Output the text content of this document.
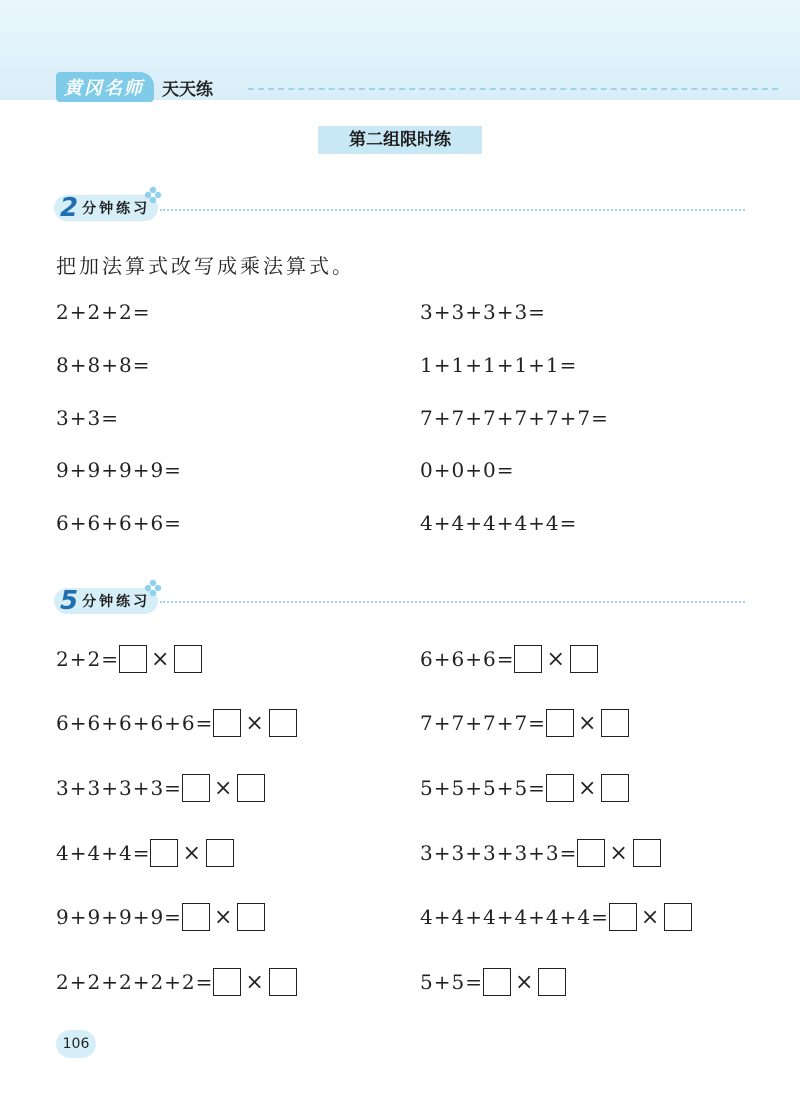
黄冈名师	天天练
第二组限时练
2 分钟练习
把加法算式改写成乘法算式。
2+2+2=
8+8+8=
3+3=
9+9+9+9=
6+6+6+6=
3+3+3+3=
1+1+1+1+1=
7+7+7+7+7+7=
0+0+0=
4+4+4+4+4=
5 分钟练习
2+2= ×
6+6+6+6+6= ×
3+3+3+3= ×
4+4+4= ×
9+9+9+9= ×
2+2+2+2+2= ×
6+6+6= ×
7+7+7+7= ×
5+5+5+5= ×
3+3+3+3+3= ×
4+4+4+4+4+4= ×
5+5= ×
106
